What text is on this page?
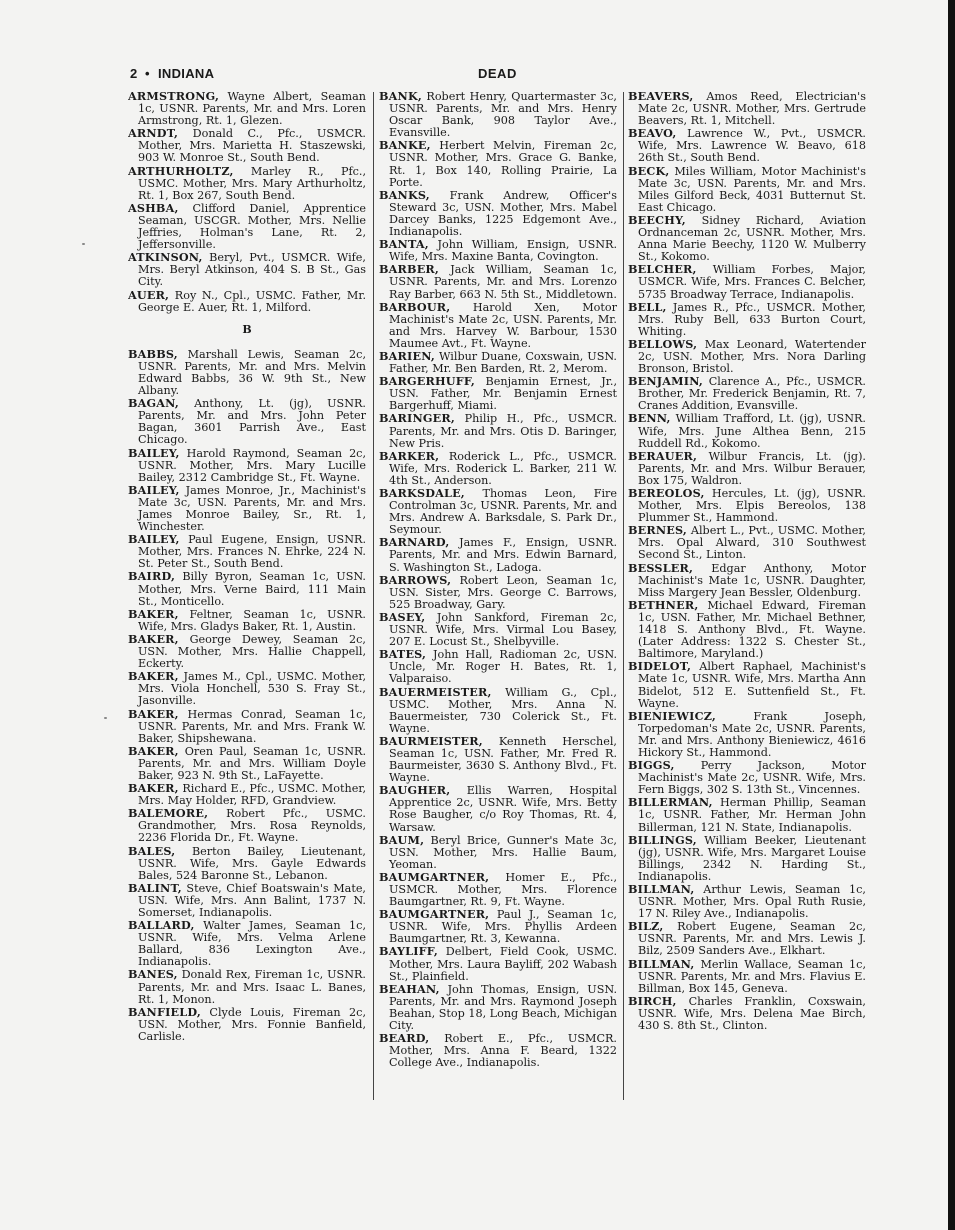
2 • INDIANA	DEAD

ARMSTRONG, Wayne Albert, Seaman 1c, USNR. Parents, Mr. and Mrs. Loren Armstrong, Rt. 1, Glezen.

ARNDT, Donald C., Pfc., USMCR. Mother, Mrs. Marietta H. Staszewski, 903 W. Monroe St., South Bend.

ARTHURHOLTZ, Marley R., Pfc., USMC. Mother, Mrs. Mary Arthurholtz, Rt. 1, Box 267, South Bend.

ASHBA, Clifford Daniel, Apprentice Seaman, USCGR. Mother, Mrs. Nellie Jeffries, Holman's Lane, Rt. 2, Jeffersonville.

ATKINSON, Beryl, Pvt., USMCR. Wife, Mrs. Beryl Atkinson, 404 S. B St., Gas City.

AUER, Roy N., Cpl., USMC. Father, Mr. George E. Auer, Rt. 1, Milford.

B

BABBS, Marshall Lewis, Seaman 2c, USNR. Parents, Mr. and Mrs. Melvin Edward Babbs, 36 W. 9th St., New Albany.

BAGAN, Anthony, Lt. (jg), USNR. Parents, Mr. and Mrs. John Peter Bagan, 3601 Parrish Ave., East Chicago.

BAILEY, Harold Raymond, Seaman 2c, USNR. Mother, Mrs. Mary Lucille Bailey, 2312 Cambridge St., Ft. Wayne.

BAILEY, James Monroe, Jr., Machinist's Mate 3c, USN. Parents, Mr. and Mrs. James Monroe Bailey, Sr., Rt. 1, Winchester.

BAILEY, Paul Eugene, Ensign, USNR. Mother, Mrs. Frances N. Ehrke, 224 N. St. Peter St., South Bend.

BAIRD, Billy Byron, Seaman 1c, USN. Mother, Mrs. Verne Baird, 111 Main St., Monticello.

BAKER, Feltner, Seaman 1c, USNR. Wife, Mrs. Gladys Baker, Rt. 1, Austin.

BAKER, George Dewey, Seaman 2c, USN. Mother, Mrs. Hallie Chappell, Eckerty.

BAKER, James M., Cpl., USMC. Mother, Mrs. Viola Honchell, 530 S. Fray St., Jasonville.

BAKER, Hermas Conrad, Seaman 1c, USNR. Parents, Mr. and Mrs. Frank W. Baker, Shipshewana.

BAKER, Oren Paul, Seaman 1c, USNR. Parents, Mr. and Mrs. William Doyle Baker, 923 N. 9th St., LaFayette.

BAKER, Richard E., Pfc., USMC. Mother, Mrs. May Holder, RFD, Grandview.

BALEMORE, Robert Pfc., USMC. Grandmother, Mrs. Rosa Reynolds, 2236 Florida Dr., Ft. Wayne.

BALES, Berton Bailey, Lieutenant, USNR. Wife, Mrs. Gayle Edwards Bales, 524 Baronne St., Lebanon.

BALINT, Steve, Chief Boatswain's Mate, USN. Wife, Mrs. Ann Balint, 1737 N. Somerset, Indianapolis.

BALLARD, Walter James, Seaman 1c, USNR. Wife, Mrs. Velma Arlene Ballard, 836 Lexington Ave., Indianapolis.

BANES, Donald Rex, Fireman 1c, USNR. Parents, Mr. and Mrs. Isaac L. Banes, Rt. 1, Monon.

BANFIELD, Clyde Louis, Fireman 2c, USN. Mother, Mrs. Fonnie Banfield, Carlisle.

BANK, Robert Henry, Quartermaster 3c, USNR. Parents, Mr. and Mrs. Henry Oscar Bank, 908 Taylor Ave., Evansville.

BANKE, Herbert Melvin, Fireman 2c, USNR. Mother, Mrs. Grace G. Banke, Rt. 1, Box 140, Rolling Prairie, La Porte.

BANKS, Frank Andrew, Officer's Steward 3c, USN. Mother, Mrs. Mabel Darcey Banks, 1225 Edgemont Ave., Indianapolis.

BANTA, John William, Ensign, USNR. Wife, Mrs. Maxine Banta, Covington.

BARBER, Jack William, Seaman 1c, USNR. Parents, Mr. and Mrs. Lorenzo Ray Barber, 663 N. 5th St., Middletown.

BARBOUR, Harold Xen, Motor Machinist's Mate 2c, USN. Parents, Mr. and Mrs. Harvey W. Barbour, 1530 Maumee Avt., Ft. Wayne.

BARIEN, Wilbur Duane, Coxswain, USN. Father, Mr. Ben Barden, Rt. 2, Merom.

BARGERHUFF, Benjamin Ernest, Jr., USN. Father, Mr. Benjamin Ernest Bargerhuff, Miami.

BARINGER, Philip H., Pfc., USMCR. Parents, Mr. and Mrs. Otis D. Baringer, New Pris.

BARKER, Roderick L., Pfc., USMCR. Wife, Mrs. Roderick L. Barker, 211 W. 4th St., Anderson.

BARKSDALE, Thomas Leon, Fire Controlman 3c, USNR. Parents, Mr. and Mrs. Andrew A. Barksdale, S. Park Dr., Seymour.

BARNARD, James F., Ensign, USNR. Parents, Mr. and Mrs. Edwin Barnard, S. Washington St., Ladoga.

BARROWS, Robert Leon, Seaman 1c, USN. Sister, Mrs. George C. Barrows, 525 Broadway, Gary.

BASEY, John Sankford, Fireman 2c, USNR. Wife, Mrs. Virmal Lou Basey, 207 E. Locust St., Shelbyville.

BATES, John Hall, Radioman 2c, USN. Uncle, Mr. Roger H. Bates, Rt. 1, Valparaiso.

BAUERMEISTER, William G., Cpl., USMC. Mother, Mrs. Anna N. Bauermeister, 730 Colerick St., Ft. Wayne.

BAURMEISTER, Kenneth Herschel, Seaman 1c, USN. Father, Mr. Fred R. Baurmeister, 3630 S. Anthony Blvd., Ft. Wayne.

BAUGHER, Ellis Warren, Hospital Apprentice 2c, USNR. Wife, Mrs. Betty Rose Baugher, c/o Roy Thomas, Rt. 4, Warsaw.

BAUM, Beryl Brice, Gunner's Mate 3c, USN. Mother, Mrs. Hallie Baum, Yeoman.

BAUMGARTNER, Homer E., Pfc., USMCR. Mother, Mrs. Florence Baumgartner, Rt. 9, Ft. Wayne.

BAUMGARTNER, Paul J., Seaman 1c, USNR. Wife, Mrs. Phyllis Ardeen Baumgartner, Rt. 3, Kewanna.

BAYLIFF, Delbert, Field Cook, USMC. Mother, Mrs. Laura Bayliff, 202 Wabash St., Plainfield.

BEAHAN, John Thomas, Ensign, USN. Parents, Mr. and Mrs. Raymond Joseph Beahan, Stop 18, Long Beach, Michigan City.

BEARD, Robert E., Pfc., USMCR. Mother, Mrs. Anna F. Beard, 1322 College Ave., Indianapolis.

BEAVERS, Amos Reed, Electrician's Mate 2c, USNR. Mother, Mrs. Gertrude Beavers, Rt. 1, Mitchell.

BEAVO, Lawrence W., Pvt., USMCR. Wife, Mrs. Lawrence W. Beavo, 618 26th St., South Bend.

BECK, Miles William, Motor Machinist's Mate 3c, USN. Parents, Mr. and Mrs. Miles Gilford Beck, 4031 Butternut St. East Chicago.

BEECHY, Sidney Richard, Aviation Ordnanceman 2c, USNR. Mother, Mrs. Anna Marie Beechy, 1120 W. Mulberry St., Kokomo.

BELCHER, William Forbes, Major, USMCR. Wife, Mrs. Frances C. Belcher, 5735 Broadway Terrace, Indianapolis.

BELL, James R., Pfc., USMCR. Mother, Mrs. Ruby Bell, 633 Burton Court, Whiting.

BELLOWS, Max Leonard, Watertender 2c, USN. Mother, Mrs. Nora Darling Bronson, Bristol.

BENJAMIN, Clarence A., Pfc., USMCR. Brother, Mr. Frederick Benjamin, Rt. 7, Cranes Addition, Evansville.

BENN, William Trafford, Lt. (jg), USNR. Wife, Mrs. June Althea Benn, 215 Ruddell Rd., Kokomo.

BERAUER, Wilbur Francis, Lt. (jg). Parents, Mr. and Mrs. Wilbur Berauer, Box 175, Waldron.

BEREOLOS, Hercules, Lt. (jg), USNR. Mother, Mrs. Elpis Bereolos, 138 Plummer St., Hammond.

BERNES, Albert L., Pvt., USMC. Mother, Mrs. Opal Alward, 310 Southwest Second St., Linton.

BESSLER, Edgar Anthony, Motor Machinist's Mate 1c, USNR. Daughter, Miss Margery Jean Bessler, Oldenburg.

BETHNER, Michael Edward, Fireman 1c, USN. Father, Mr. Michael Bethner, 1418 S. Anthony Blvd., Ft. Wayne. (Later Address: 1322 S. Chester St., Baltimore, Maryland.)

BIDELOT, Albert Raphael, Machinist's Mate 1c, USNR. Wife, Mrs. Martha Ann Bidelot, 512 E. Suttenfield St., Ft. Wayne.

BIENIEWICZ,	Frank Joseph, Torpedoman's Mate 2c, USNR. Parents, Mr. and Mrs. Anthony Bieniewicz, 4616 Hickory St., Hammond.

BIGGS, Perry Jackson, Motor Machinist's Mate 2c, USNR. Wife, Mrs. Fern Biggs, 302 S. 13th St., Vincennes.

BILLERMAN, Herman Phillip, Seaman 1c, USNR. Father, Mr. Herman John Billerman, 121 N. State, Indianapolis.

BILLINGS, William Beeker, Lieutenant (jg), USNR. Wife, Mrs. Margaret Louise Billings, 2342 N. Harding St., Indianapolis.

BILLMAN, Arthur Lewis, Seaman 1c, USNR. Mother, Mrs. Opal Ruth Rusie, 17 N. Riley Ave., Indianapolis.

BILZ, Robert Eugene, Seaman 2c, USNR. Parents, Mr. and Mrs. Lewis J. Bilz, 2509 Sanders Ave., Elkhart.

BILLMAN, Merlin Wallace, Seaman 1c, USNR. Parents, Mr. and Mrs. Flavius E. Billman, Box 145, Geneva.

BIRCH, Charles Franklin, Coxswain, USNR. Wife, Mrs. Delena Mae Birch, 430 S. 8th St., Clinton.
